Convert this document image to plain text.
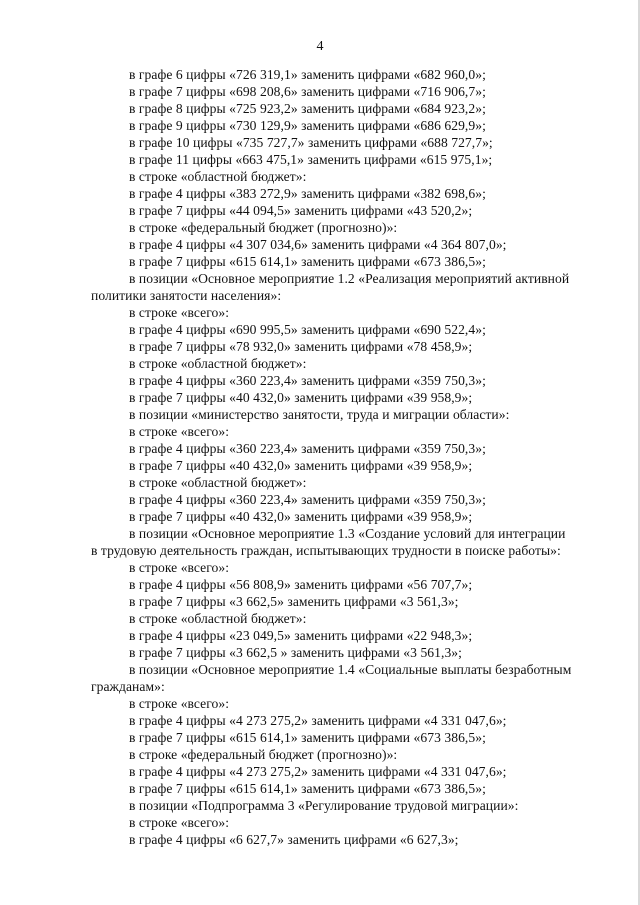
4
в графе 6 цифры «726 319,1» заменить цифрами «682 960,0»;
в графе 7 цифры «698 208,6» заменить цифрами «716 906,7»;
в графе 8 цифры «725 923,2» заменить цифрами «684 923,2»;
в графе 9 цифры «730 129,9» заменить цифрами «686 629,9»;
в графе 10 цифры «735 727,7» заменить цифрами «688 727,7»;
в графе 11 цифры «663 475,1» заменить цифрами «615 975,1»;
в строке «областной бюджет»:
в графе 4 цифры «383 272,9» заменить цифрами «382 698,6»;
в графе 7 цифры «44 094,5» заменить цифрами «43 520,2»;
в строке «федеральный бюджет (прогнозно)»:
в графе 4 цифры «4 307 034,6» заменить цифрами «4 364 807,0»;
в графе 7 цифры «615 614,1» заменить цифрами «673 386,5»;
в позиции «Основное мероприятие 1.2 «Реализация мероприятий активной
политики занятости населения»:
в строке «всего»:
в графе 4 цифры «690 995,5» заменить цифрами «690 522,4»;
в графе 7 цифры «78 932,0» заменить цифрами «78 458,9»;
в строке «областной бюджет»:
в графе 4 цифры «360 223,4» заменить цифрами «359 750,3»;
в графе 7 цифры «40 432,0» заменить цифрами «39 958,9»;
в позиции «министерство занятости, труда и миграции области»:
в строке «всего»:
в графе 4 цифры «360 223,4» заменить цифрами «359 750,3»;
в графе 7 цифры «40 432,0» заменить цифрами «39 958,9»;
в строке «областной бюджет»:
в графе 4 цифры «360 223,4» заменить цифрами «359 750,3»;
в графе 7 цифры «40 432,0» заменить цифрами «39 958,9»;
в позиции «Основное мероприятие 1.3 «Создание условий для интеграции
в трудовую деятельность граждан, испытывающих трудности в поиске работы»:
в строке «всего»:
в графе 4 цифры «56 808,9» заменить цифрами «56 707,7»;
в графе 7 цифры «3 662,5» заменить цифрами «3 561,3»;
в строке «областной бюджет»:
в графе 4 цифры «23 049,5» заменить цифрами «22 948,3»;
в графе 7 цифры «3 662,5 » заменить цифрами «3 561,3»;
в позиции «Основное мероприятие 1.4 «Социальные выплаты безработным
гражданам»:
в строке «всего»:
в графе 4 цифры «4 273 275,2» заменить цифрами «4 331 047,6»;
в графе 7 цифры «615 614,1» заменить цифрами «673 386,5»;
в строке «федеральный бюджет (прогнозно)»:
в графе 4 цифры «4 273 275,2» заменить цифрами «4 331 047,6»;
в графе 7 цифры «615 614,1» заменить цифрами «673 386,5»;
в позиции «Подпрограмма 3 «Регулирование трудовой миграции»:
в строке «всего»:
в графе 4 цифры «6 627,7» заменить цифрами «6 627,3»;
